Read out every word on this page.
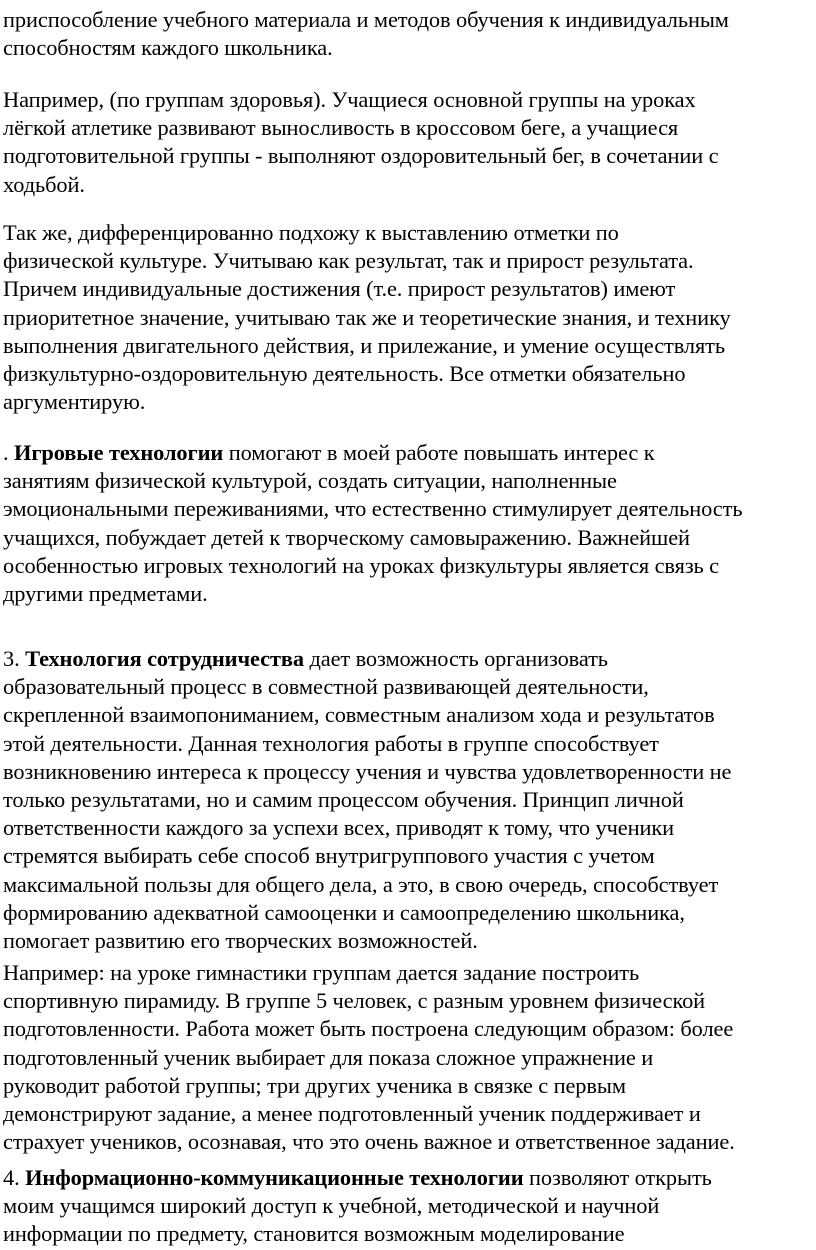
приспособление учебного материала и методов обучения к индивидуальным
способностям каждого школьника.
Например, (по группам здоровья). Учащиеся основной группы на уроках
лёгкой атлетике развивают выносливость в кроссовом беге, а учащиеся
подготовительной группы - выполняют оздоровительный бег, в сочетании с
ходьбой.
Так же, дифференцированно подхожу к выставлению отметки по
физической культуре. Учитываю как результат, так и прирост результата.
Причем индивидуальные достижения (т.е. прирост результатов) имеют
приоритетное значение, учитываю так же и теоретические знания, и технику
выполнения двигательного действия, и прилежание, и умение осуществлять
физкультурно-оздоровительную деятельность. Все отметки обязательно
аргументирую.
. Игровые технологии помогают в моей работе повышать интерес к
занятиям физической культурой, создать ситуации, наполненные
эмоциональными переживаниями, что естественно стимулирует деятельность
учащихся, побуждает детей к творческому самовыражению. Важнейшей
особенностью игровых технологий на уроках физкультуры является связь с
другими предметами.
3. Технология сотрудничества дает возможность организовать
образовательный процесс в совместной развивающей деятельности,
скрепленной взаимопониманием, совместным анализом хода и результатов
этой деятельности. Данная технология работы в группе способствует
возникновению интереса к процессу учения и чувства удовлетворенности не
только результатами, но и самим процессом обучения. Принцип личной
ответственности каждого за успехи всех, приводят к тому, что ученики
стремятся выбирать себе способ внутригруппового участия с учетом
максимальной пользы для общего дела, а это, в свою очередь, способствует
формированию адекватной самооценки и самоопределению школьника,
помогает развитию его творческих возможностей.
Например: на уроке гимнастики группам дается задание построить
спортивную пирамиду. В группе 5 человек, с разным уровнем физической
подготовленности. Работа может быть построена следующим образом: более
подготовленный ученик выбирает для показа сложное упражнение и
руководит работой группы; три других ученика в связке с первым
демонстрируют задание, а менее подготовленный ученик поддерживает и
страхует учеников, осознавая, что это очень важное и ответственное задание.
4. Информационно-коммуникационные технологии позволяют открыть
моим учащимся широкий доступ к учебной, методической и научной
информации по предмету, становится возможным моделирование
